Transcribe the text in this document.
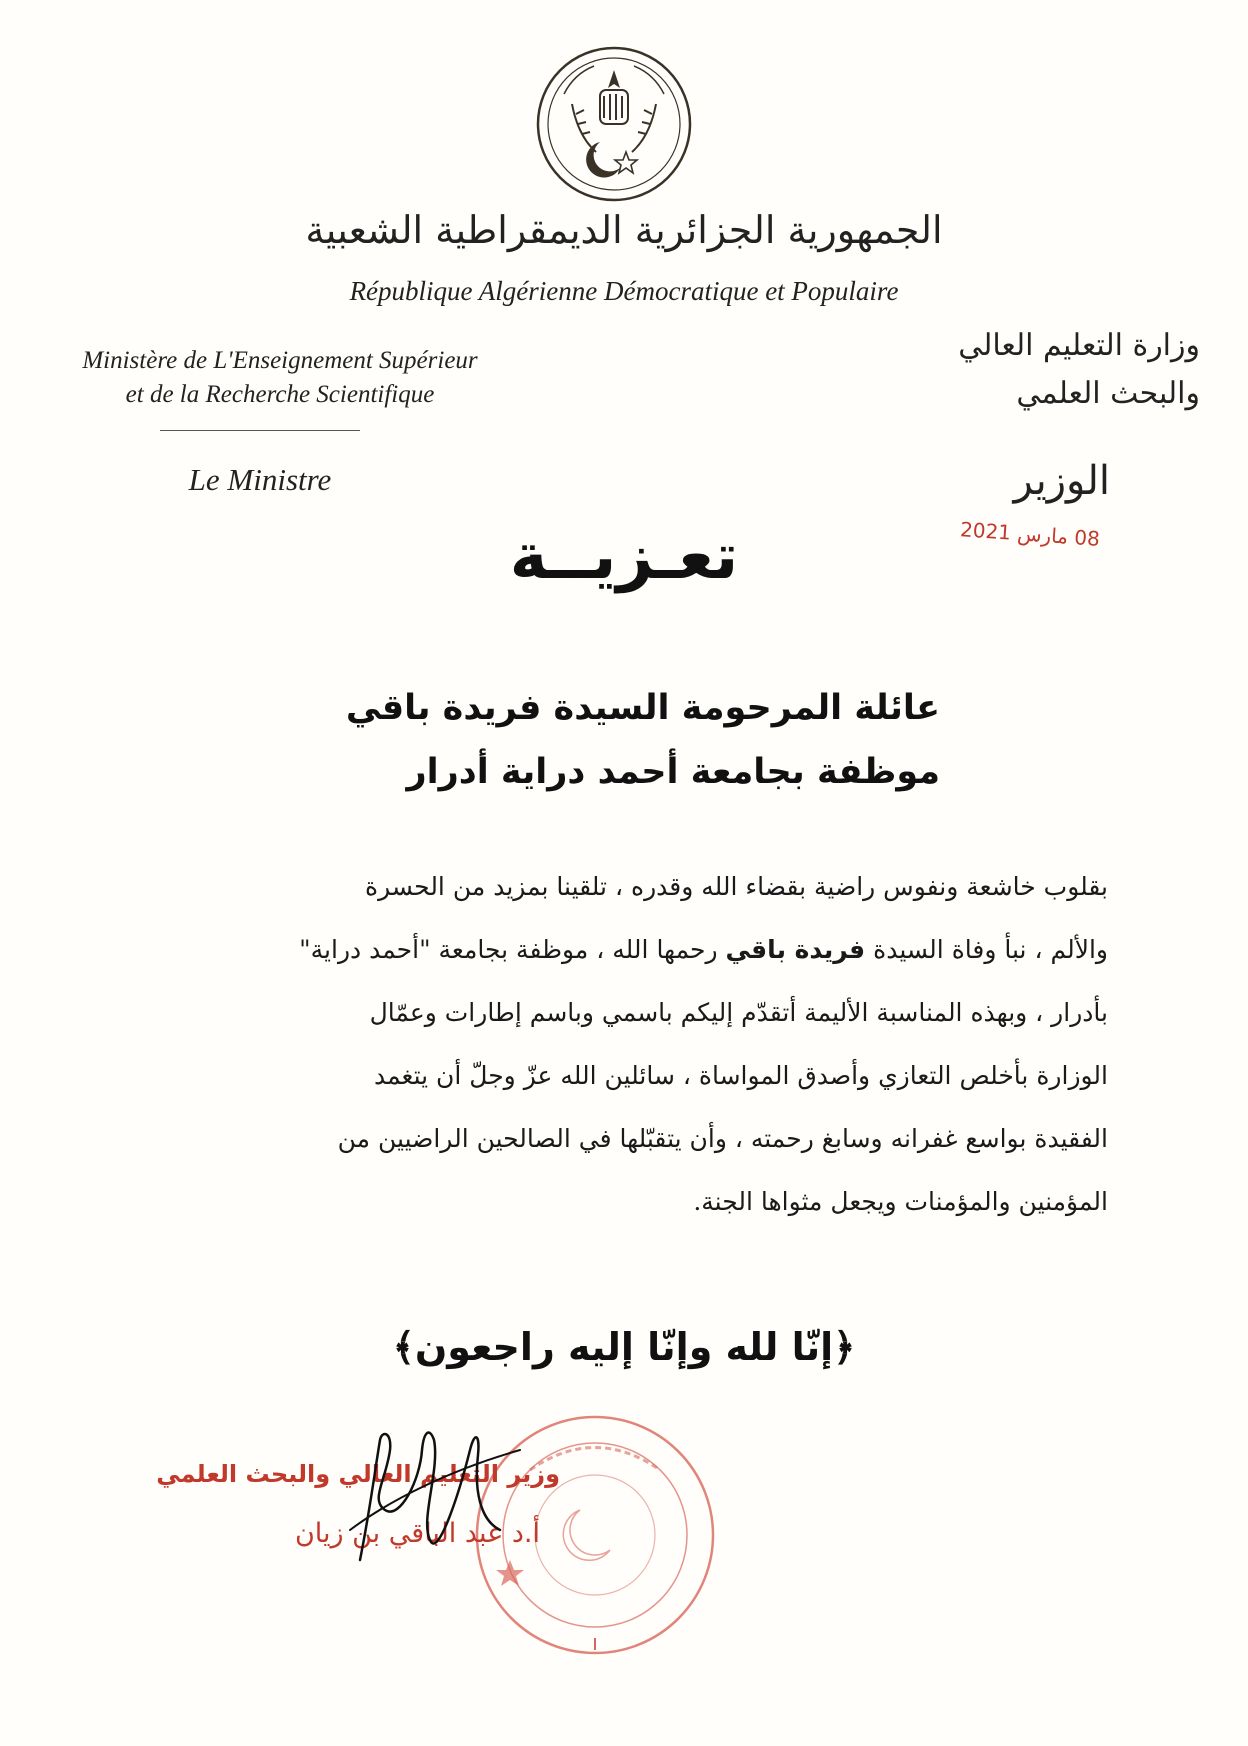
الجمهورية الجزائرية الديمقراطية الشعبية
République Algérienne Démocratique et Populaire
Ministère de L'Enseignement Supérieur
et de la Recherche Scientifique
Le Ministre
وزارة التعليم العالي
والبحث العلمي
الوزير
08 مارس 2021
تعـزيــة
عائلة المرحومة السيدة فريدة باقي
موظفة بجامعة أحمد دراية أدرار
بقلوب خاشعة ونفوس راضية بقضاء الله وقدره ، تلقينا بمزيد من الحسرة
والألم ، نبأ وفاة السيدة فريدة باقي رحمها الله ، موظفة بجامعة "أحمد دراية"
بأدرار ، وبهذه المناسبة الأليمة أتقدّم إليكم باسمي وباسم إطارات وعمّال
الوزارة بأخلص التعازي وأصدق المواساة ، سائلين الله عزّ وجلّ أن يتغمد
الفقيدة بواسع غفرانه وسابغ رحمته ، وأن يتقبّلها في الصالحين الراضيين من
المؤمنين والمؤمنات ويجعل مثواها الجنة.
﴿إنّا لله وإنّا إليه راجعون﴾
وزير التعليم العالي والبحث العلمي
أ.د عبد الباقي بن زيان
